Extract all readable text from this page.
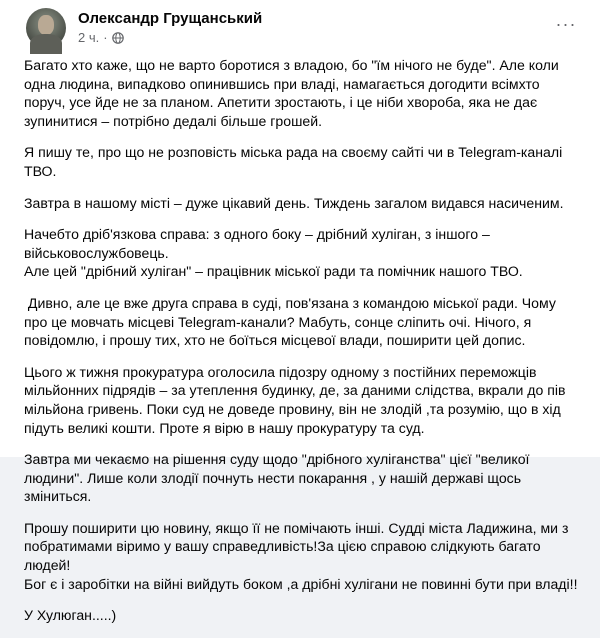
Олександр Грущанський
2 ч. ·
···

Багато хто каже, що не варто боротися з владою, бо "їм нічого не буде". Але коли одна людина, випадково опинившись при владі, намагається догодити всімхто поруч, усе йде не за планом. Апетити зростають, і це ніби хвороба, яка не дає зупинитися – потрібно дедалі більше грошей.

Я пишу те, про що не розповість міська рада на своєму сайті чи в Telegram-каналі ТВО.

Завтра в нашому місті – дуже цікавий день. Тиждень загалом видався насиченим.

Начебто дріб'язкова справа: з одного боку – дрібний хуліган, з іншого – військовослужбовець.
Але цей "дрібний хуліган" – працівник міської ради та помічник нашого ТВО.

Дивно, але це вже друга справа в суді, пов'язана з командою міської ради. Чому про це мовчать місцеві Telegram-канали? Мабуть, сонце сліпить очі. Нічого, я повідомлю, і прошу тих, хто не боїться місцевої влади, поширити цей допис.

Цього ж тижня прокуратура оголосила підозру одному з постійних переможців мільйонних підрядів – за утеплення будинку, де, за даними слідства, вкрали до пів мільйона гривень. Поки суд не доведе провину, він не злодій ,та розумію, що в хід підуть великі кошти. Проте я вірю в нашу прокуратуру та суд.

Завтра ми чекаємо на рішення суду щодо "дрібного хуліганства" цієї "великої людини". Лише коли злодії почнуть нести покарання , у нашій державі щось зміниться.

Прошу поширити цю новину, якщо її не помічають інші. Судді міста Ладижина, ми з побратимами віримо у вашу справедливість!За цією справою слідкують багато людей!
Бог є і заробітки на війні вийдуть боком ,а дрібні хулігани не повинні бути при владі!!

У Хулюган.....)
